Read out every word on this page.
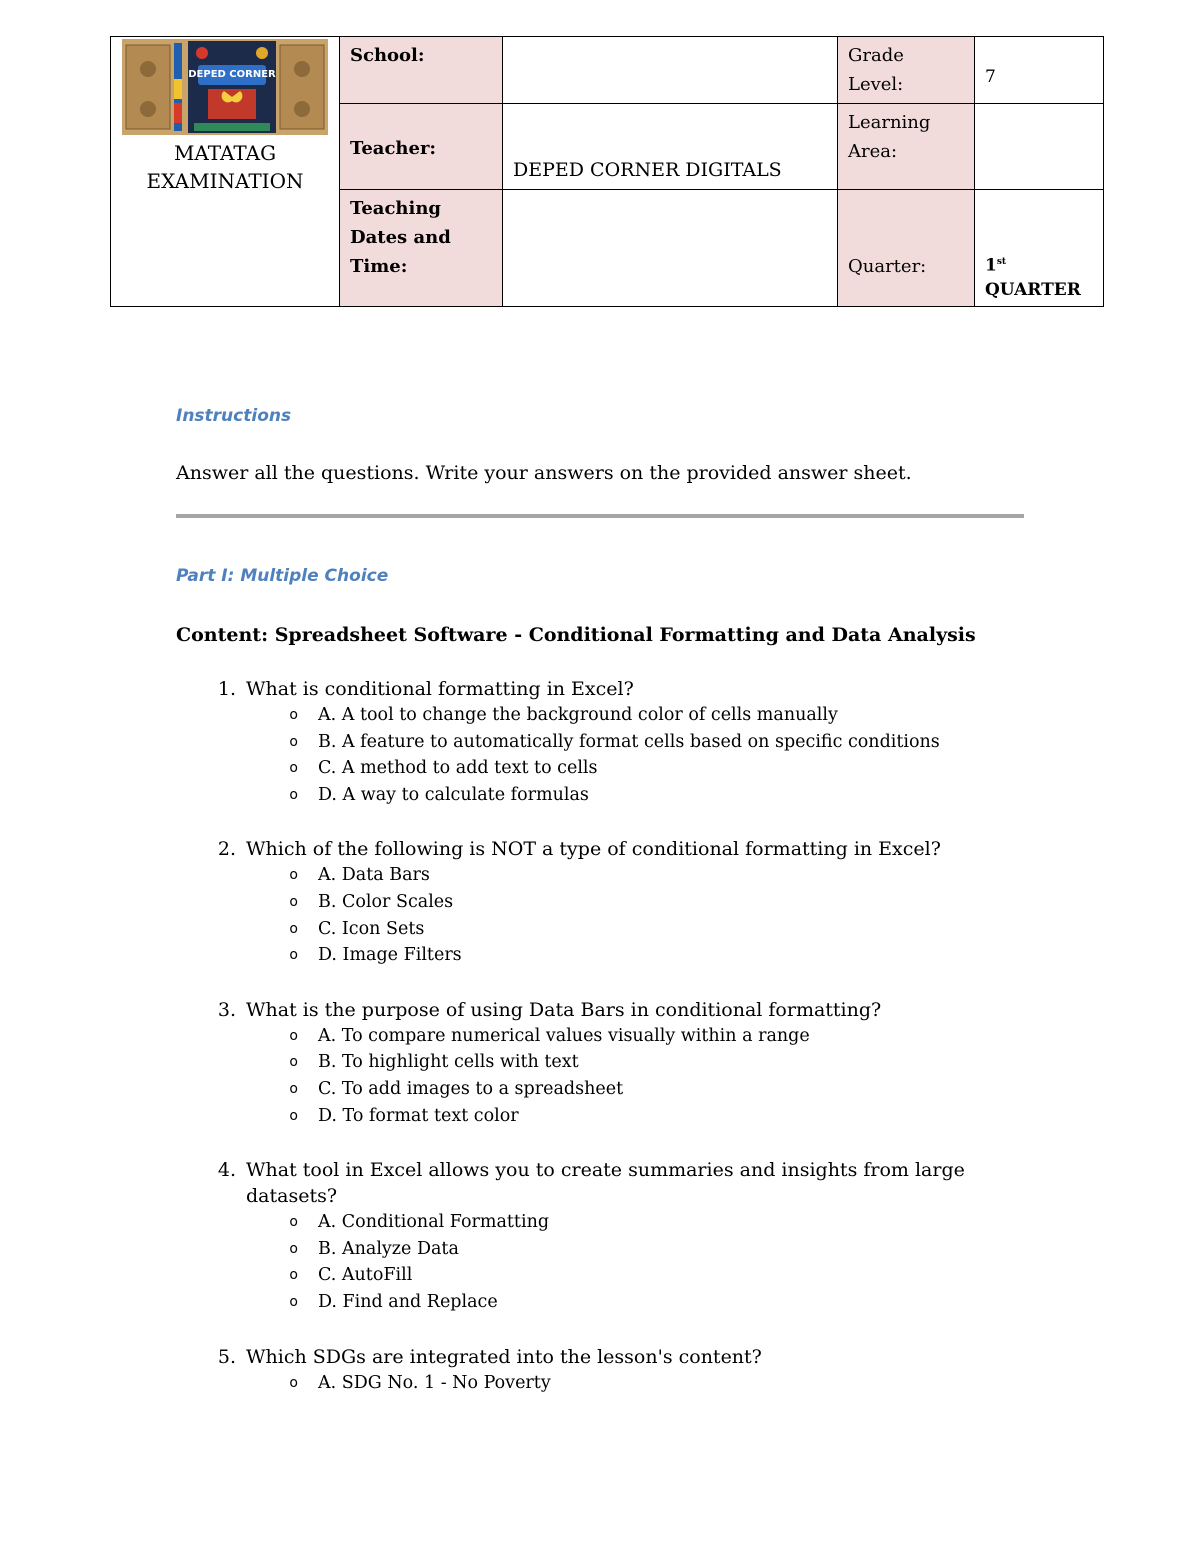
DEPED CORNER
MATATAG EXAMINATION	School:		Grade Level:	7

	Teacher:	DEPED CORNER DIGITALS	Learning Area:	
	Teaching Dates and Time:		Quarter:	1st
QUARTER

Instructions

Answer all the questions. Write your answers on the provided answer sheet.

Part I: Multiple Choice

Content: Spreadsheet Software - Conditional Formatting and Data Analysis

1. What is conditional formatting in Excel?
o	A. A tool to change the background color of cells manually
o	B. A feature to automatically format cells based on specific conditions
o	C. A method to add text to cells
o	D. A way to calculate formulas
2. Which of the following is NOT a type of conditional formatting in Excel?
o	A. Data Bars
o	B. Color Scales
o	C. Icon Sets
o	D. Image Filters
3. What is the purpose of using Data Bars in conditional formatting?
o	A. To compare numerical values visually within a range
o	B. To highlight cells with text
o	C. To add images to a spreadsheet
o	D. To format text color
4. What tool in Excel allows you to create summaries and insights from large datasets?
o	A. Conditional Formatting
o	B. Analyze Data
o	C. AutoFill
o	D. Find and Replace
5. Which SDGs are integrated into the lesson's content?
o	A. SDG No. 1 - No Poverty
